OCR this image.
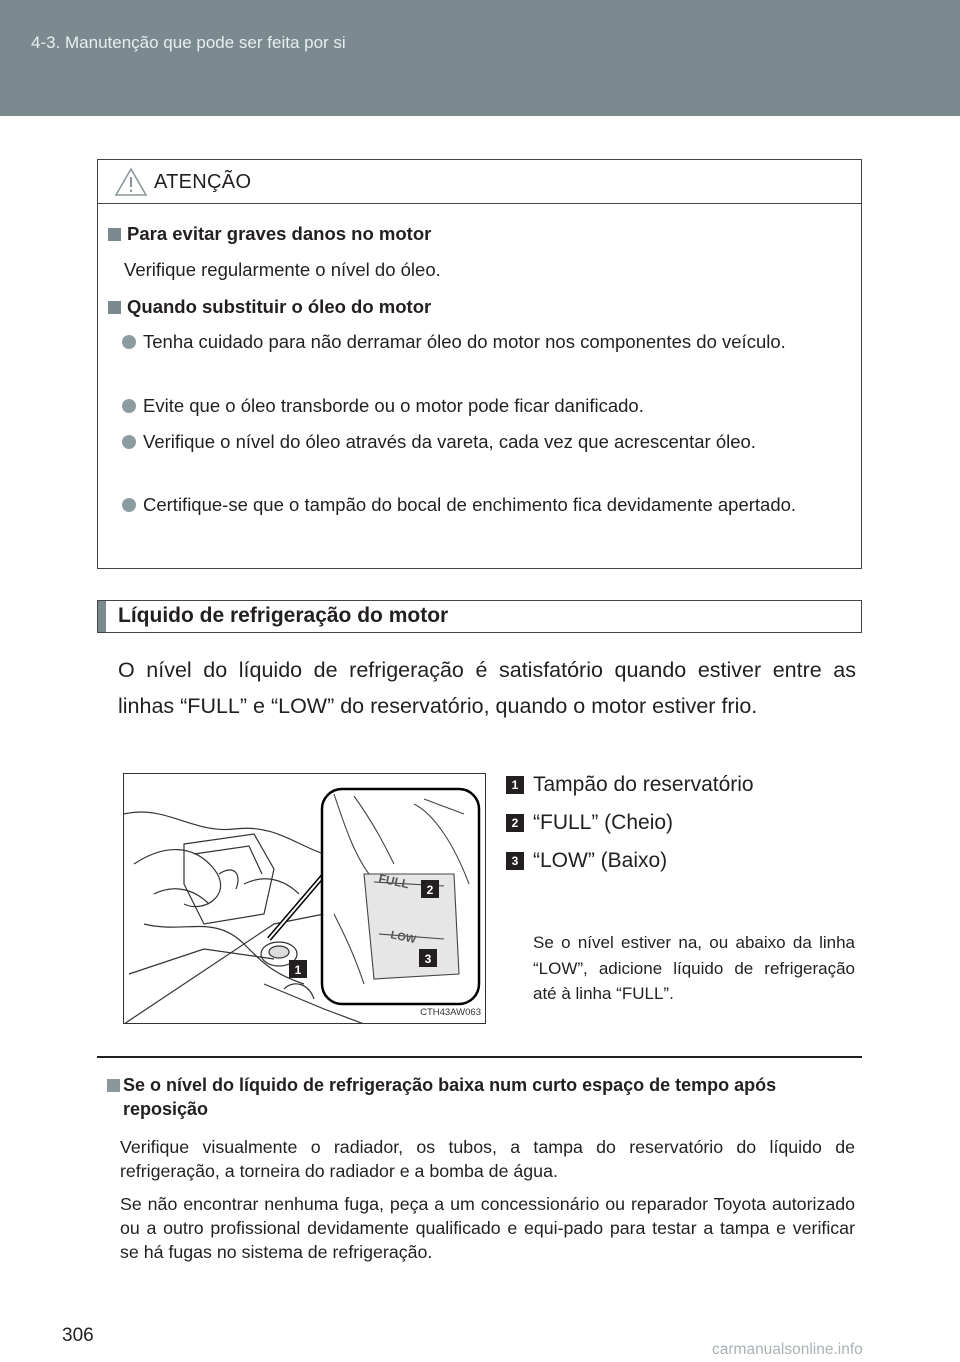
4-3. Manutenção que pode ser feita por si
ATENÇÃO
Para evitar graves danos no motor
Verifique regularmente o nível do óleo.
Quando substituir o óleo do motor
Tenha cuidado para não derramar óleo do motor nos componentes do veículo.
Evite que o óleo transborde ou o motor pode ficar danificado.
Verifique o nível do óleo através da vareta, cada vez que acrescentar óleo.
Certifique-se que o tampão do bocal de enchimento fica devidamente apertado.
Líquido de refrigeração do motor
O nível do líquido de refrigeração é satisfatório quando estiver entre as linhas “FULL” e “LOW” do reservatório, quando o motor estiver frio.
FULL
LOW
2
3
1
CTH43AW063
1 Tampão do reservatório
2 “FULL” (Cheio)
3 “LOW” (Baixo)
Se o nível estiver na, ou abaixo da linha “LOW”, adicione líquido de refrigeração até à linha “FULL”.
Se o nível do líquido de refrigeração baixa num curto espaço de tempo após reposição
Verifique visualmente o radiador, os tubos, a tampa do reservatório do líquido de refrigeração, a torneira do radiador e a bomba de água.
Se não encontrar nenhuma fuga, peça a um concessionário ou reparador Toyota autorizado ou a outro profissional devidamente qualificado e equi-pado para testar a tampa e verificar se há fugas no sistema de refrigeração.
306
carmanualsonline.info
